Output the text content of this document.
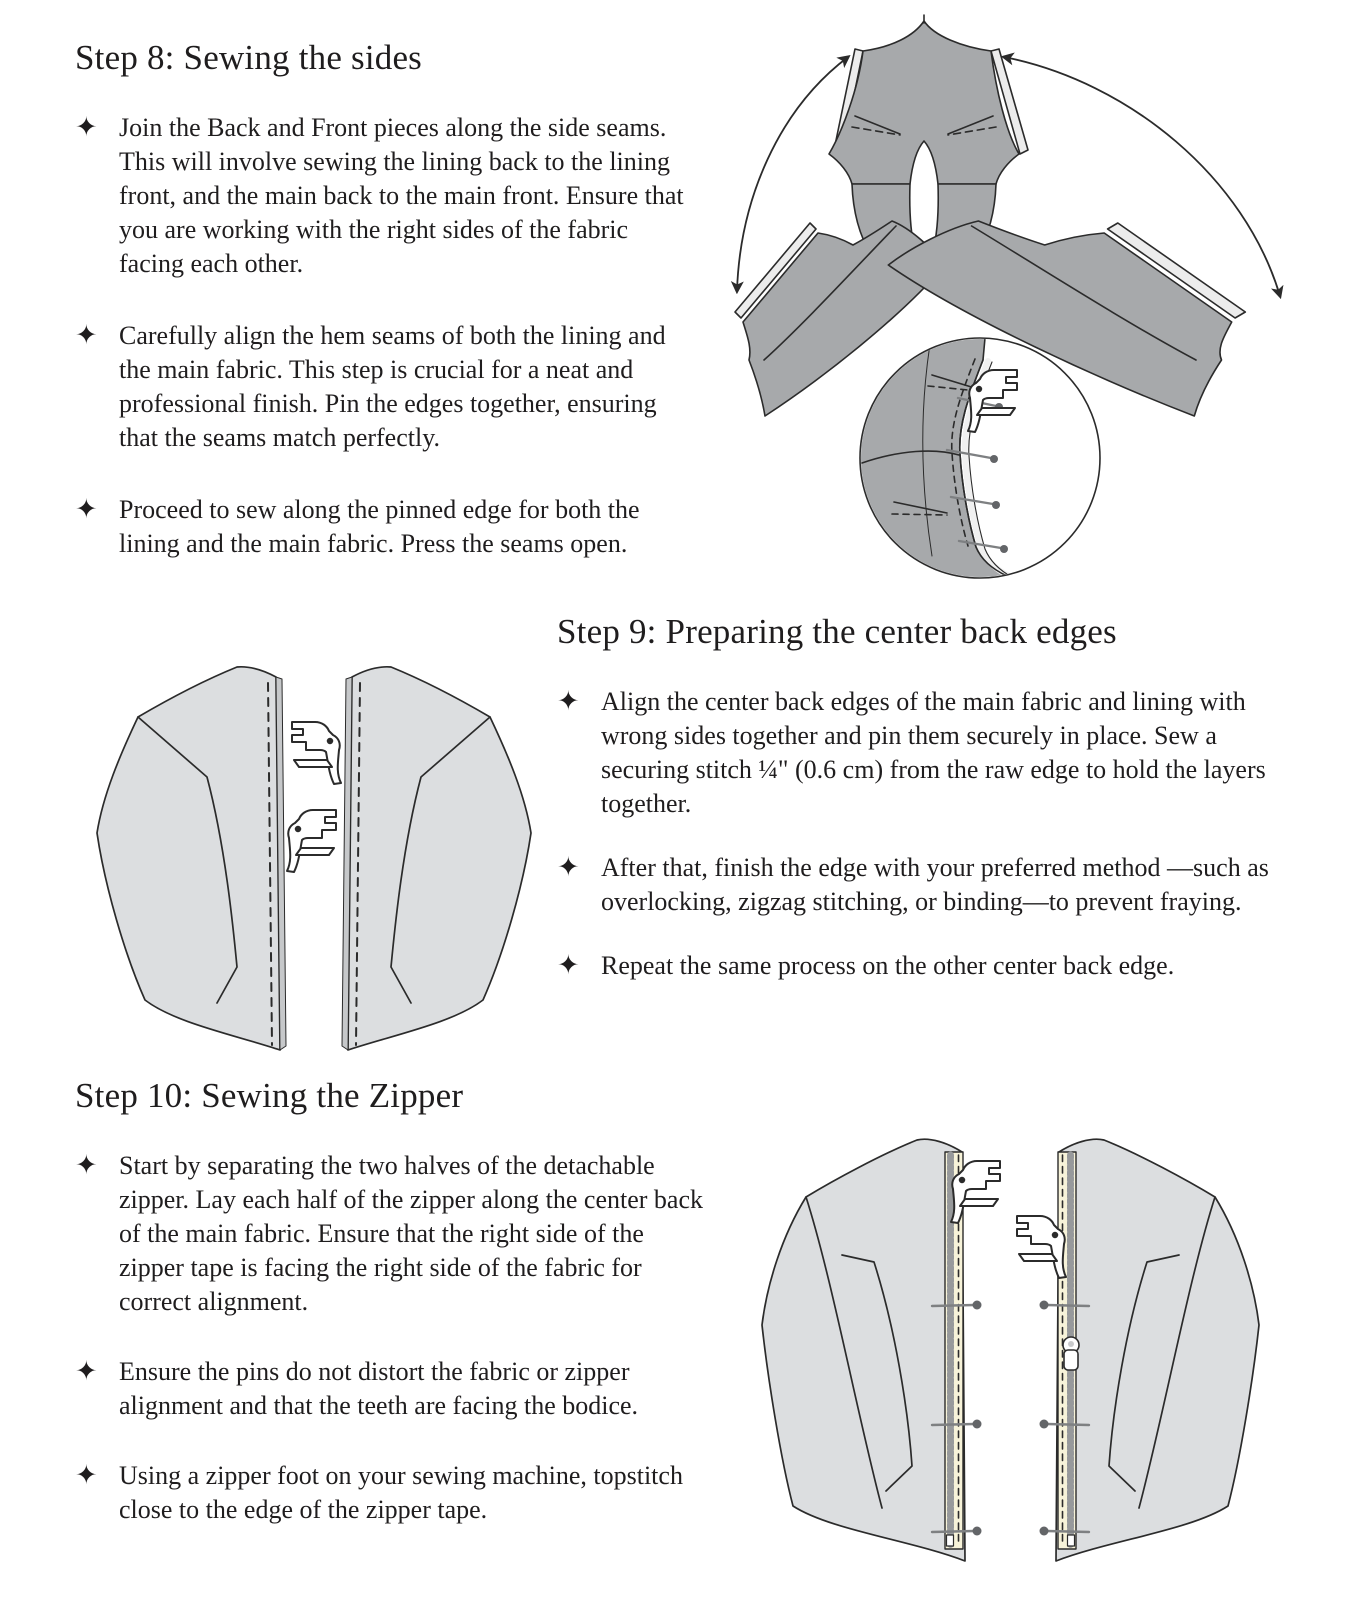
Step 8: Sewing the sides
✦ Join the Back and Front pieces along the side seams. This will involve sewing the lining back to the lining front, and the main back to the main front. Ensure that you are working with the right sides of the fabric facing each other.

✦ Carefully align the hem seams of both the lining and the main fabric. This step is crucial for a neat and professional finish. Pin the edges together, ensuring that the seams match perfectly.

✦ Proceed to sew along the pinned edge for both the lining and the main fabric. Press the seams open.

Step 9: Preparing the center back edges
✦ Align the center back edges of the main fabric and lining with wrong sides together and pin them securely in place. Sew a securing stitch ¼" (0.6 cm) from the raw edge to hold the layers together.

✦ After that, finish the edge with your preferred method —such as overlocking, zigzag stitching, or binding—to prevent fraying.

✦ Repeat the same process on the other center back edge.

Step 10: Sewing the Zipper
✦ Start by separating the two halves of the detachable zipper. Lay each half of the zipper along the center back of the main fabric. Ensure that the right side of the zipper tape is facing the right side of the fabric for correct alignment.

✦ Ensure the pins do not distort the fabric or zipper alignment and that the teeth are facing the bodice.

✦ Using a zipper foot on your sewing machine, topstitch close to the edge of the zipper tape.
